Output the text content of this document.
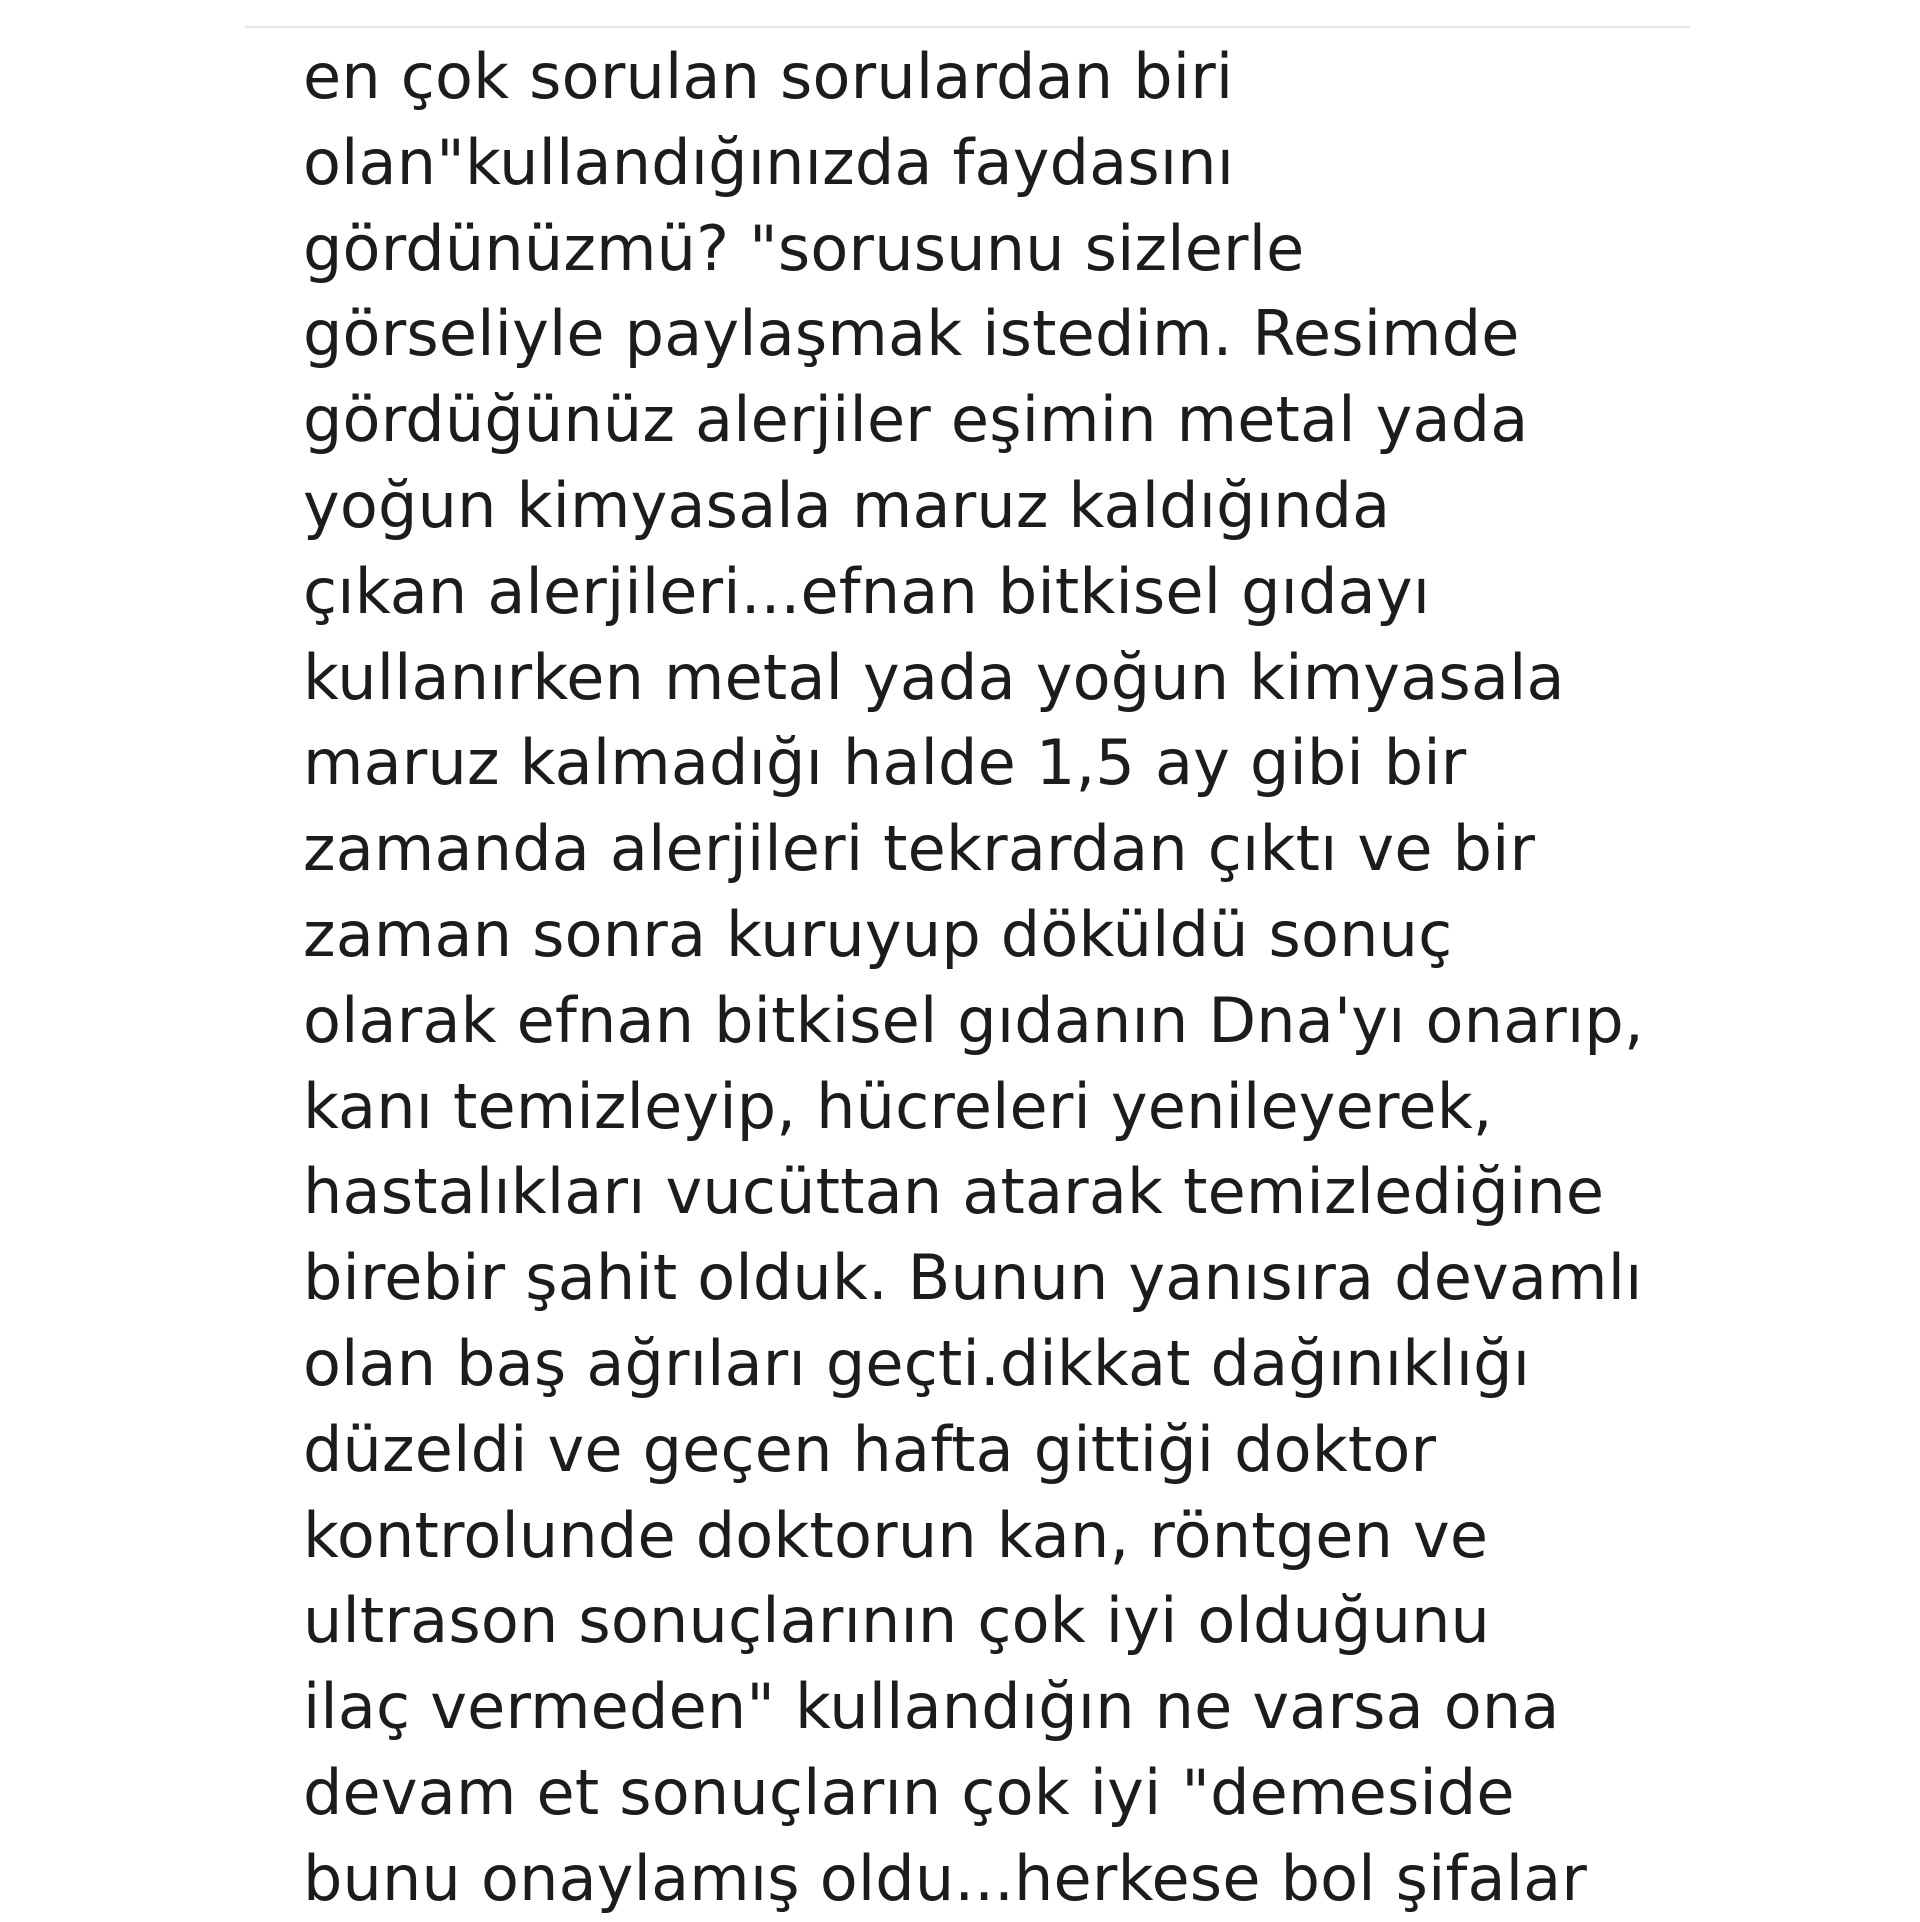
en çok sorulan sorulardan biri
olan"kullandığınızda faydasını
gördünüzmü? "sorusunu sizlerle
görseliyle paylaşmak istedim. Resimde
gördüğünüz alerjiler eşimin metal yada
yoğun kimyasala maruz kaldığında
çıkan alerjileri...efnan bitkisel gıdayı
kullanırken metal yada yoğun kimyasala
maruz kalmadığı halde 1,5 ay gibi bir
zamanda alerjileri tekrardan çıktı ve bir
zaman sonra kuruyup döküldü sonuç
olarak efnan bitkisel gıdanın Dna'yı onarıp,
kanı temizleyip, hücreleri yenileyerek,
hastalıkları vucüttan atarak temizlediğine
birebir şahit olduk. Bunun yanısıra devamlı
olan baş ağrıları geçti.dikkat dağınıklığı
düzeldi ve geçen hafta gittiği doktor
kontrolunde doktorun kan, röntgen ve
ultrason sonuçlarının çok iyi olduğunu
ilaç vermeden" kullandığın ne varsa ona
devam et sonuçların çok iyi "demeside
bunu onaylamış oldu...herkese bol şifalar
